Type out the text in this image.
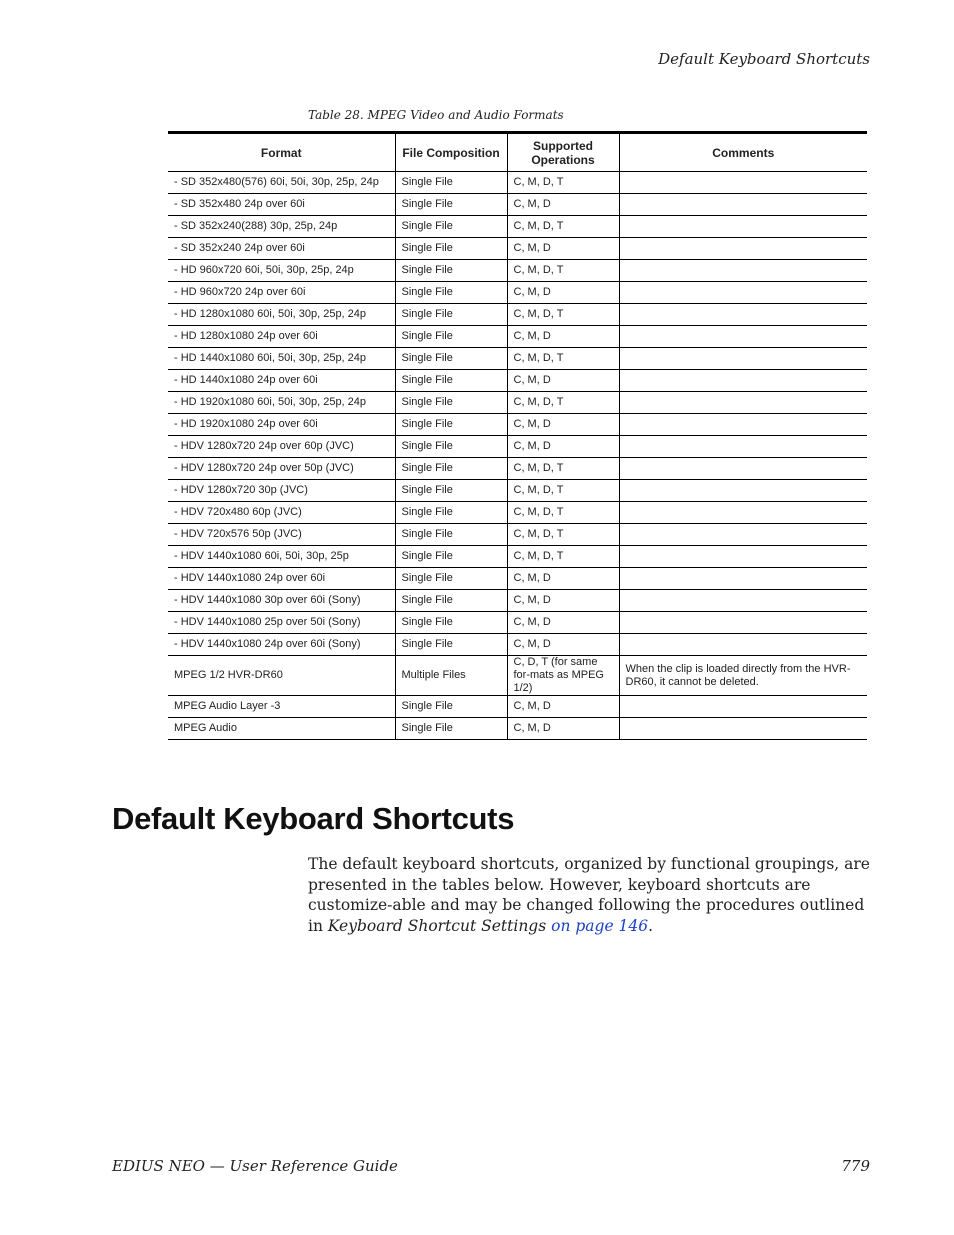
Default Keyboard Shortcuts
Table 28. MPEG Video and Audio Formats
Format	File Composition	Supported Operations	Comments
- SD 352x480(576) 60i, 50i, 30p, 25p, 24p	Single File	C, M, D, T	
- SD 352x480 24p over 60i	Single File	C, M, D	
- SD 352x240(288) 30p, 25p, 24p	Single File	C, M, D, T	
- SD 352x240 24p over 60i	Single File	C, M, D	
- HD 960x720 60i, 50i, 30p, 25p, 24p	Single File	C, M, D, T	
- HD 960x720 24p over 60i	Single File	C, M, D	
- HD 1280x1080 60i, 50i, 30p, 25p, 24p	Single File	C, M, D, T	
- HD 1280x1080 24p over 60i	Single File	C, M, D	
- HD 1440x1080 60i, 50i, 30p, 25p, 24p	Single File	C, M, D, T	
- HD 1440x1080 24p over 60i	Single File	C, M, D	
- HD 1920x1080 60i, 50i, 30p, 25p, 24p	Single File	C, M, D, T	
- HD 1920x1080 24p over 60i	Single File	C, M, D	
- HDV 1280x720 24p over 60p (JVC)	Single File	C, M, D	
- HDV 1280x720 24p over 50p (JVC)	Single File	C, M, D, T	
- HDV 1280x720 30p (JVC)	Single File	C, M, D, T	
- HDV 720x480 60p (JVC)	Single File	C, M, D, T	
- HDV 720x576 50p (JVC)	Single File	C, M, D, T	
- HDV 1440x1080 60i, 50i, 30p, 25p	Single File	C, M, D, T	
- HDV 1440x1080 24p over 60i	Single File	C, M, D	
- HDV 1440x1080 30p over 60i (Sony)	Single File	C, M, D	
- HDV 1440x1080 25p over 50i (Sony)	Single File	C, M, D	
- HDV 1440x1080 24p over 60i (Sony)	Single File	C, M, D	
MPEG 1/2 HVR-DR60	Multiple Files	C, D, T (for same for-mats as MPEG 1/2)	When the clip is loaded directly from the HVR-DR60, it cannot be deleted.
MPEG Audio Layer -3	Single File	C, M, D	
MPEG Audio	Single File	C, M, D	
Default Keyboard Shortcuts

The default keyboard shortcuts, organized by functional groupings, are presented in the tables below. However, keyboard shortcuts are customize-able and may be changed following the procedures outlined in Keyboard Shortcut Settings on page 146.

EDIUS NEO — User Reference Guide	779
